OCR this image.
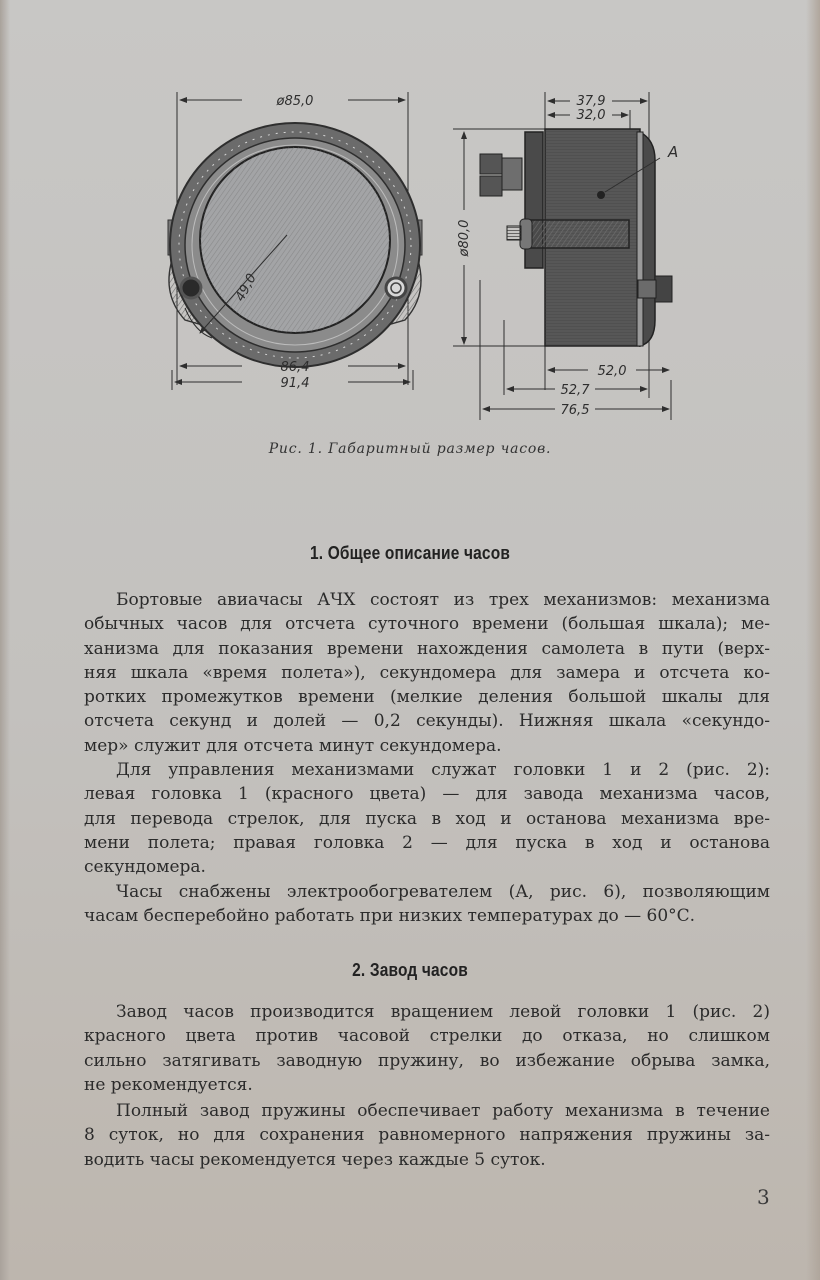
ø85,0
49,0
86,4
91,4
37,9
32,0
А
ø80,0
52,0
52,7
76,5
Рис. 1. Габаритный размер часов.
1. Общее описание часов
Бортовые авиачасы АЧХ состоят из трех механизмов: механизма
обычных часов для отсчета суточного времени (большая шкала); ме-
ханизма для показания времени нахождения самолета в пути (верх-
няя шкала «время полета»), секундомера для замера и отсчета ко-
ротких промежутков времени (мелкие деления большой шкалы для
отсчета секунд и долей — 0,2 секунды). Нижняя шкала «секундо-
мер» служит для отсчета минут секундомера.
Для управления механизмами служат головки 1 и 2 (рис. 2):
левая головка 1 (красного цвета) — для завода механизма часов,
для перевода стрелок, для пуска в ход и останова механизма вре-
мени полета; правая головка 2 — для пуска в ход и останова
секундомера.
Часы снабжены электрообогревателем (А, рис. 6), позволяющим
часам бесперебойно работать при низких температурах до — 60°С.
2. Завод часов
Завод часов производится вращением левой головки 1 (рис. 2)
красного цвета против часовой стрелки до отказа, но слишком
сильно затягивать заводную пружину, во избежание обрыва замка,
не рекомендуется.
Полный завод пружины обеспечивает работу механизма в течение
8 суток, но для сохранения равномерного напряжения пружины за-
водить часы рекомендуется через каждые 5 суток.
3
